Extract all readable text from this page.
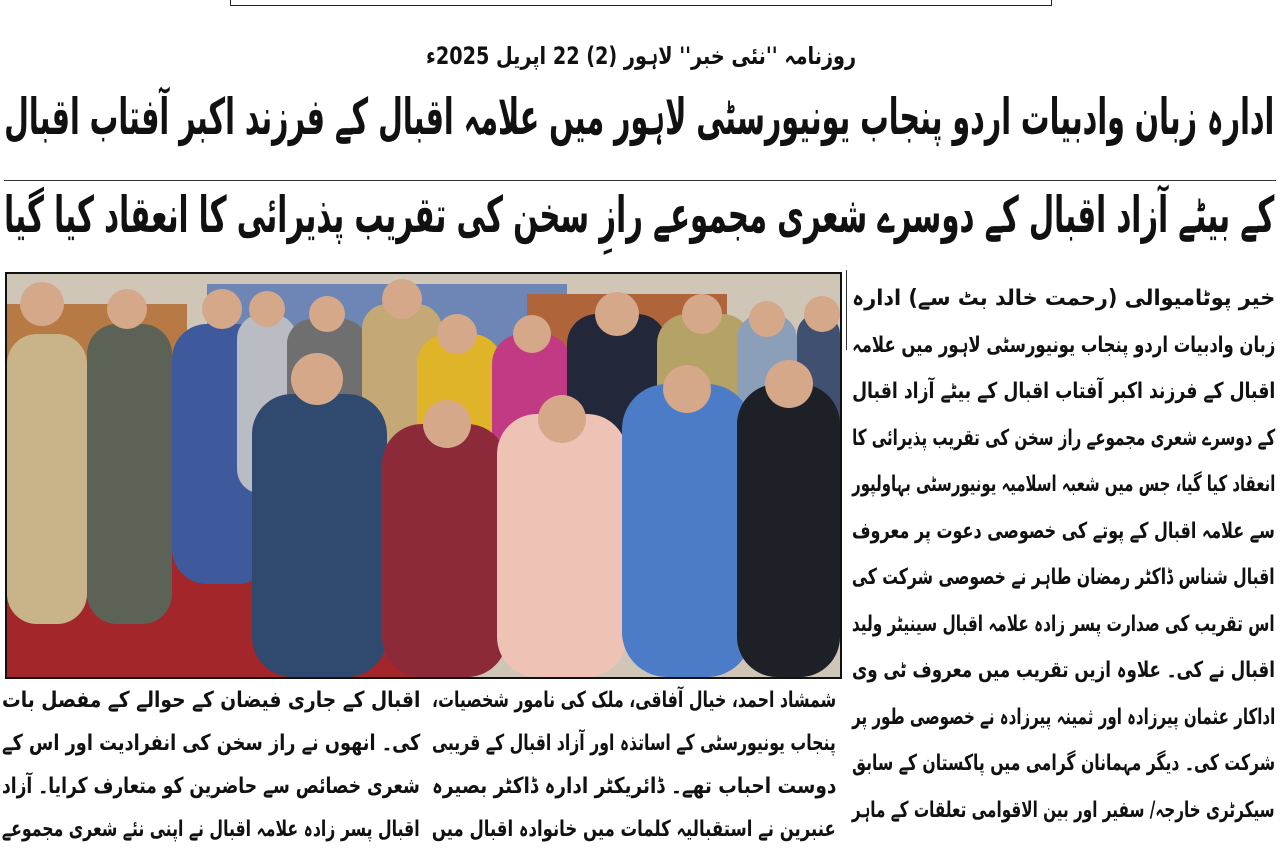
روزنامہ ''نئی خبر'' لاہور (2) 22 اپریل 2025ء
ادارہ زبان وادبیات اردو پنجاب یونیورسٹی لاہور میں علامہ اقبال کے فرزند اکبر آفتاب اقبال
کے بیٹے آزاد اقبال کے دوسرے شعری مجموعے رازِ سخن کی تقریب پذیرائی کا انعقاد کیا گیا
خیر پوٹامیوالی (رحمت خالد بٹ سے) ادارہ
زبان وادبیات اردو پنجاب یونیورسٹی لاہور میں علامہ
اقبال کے فرزند اکبر آفتاب اقبال کے بیٹے آزاد اقبال
کے دوسرے شعری مجموعے راز سخن کی تقریب پذیرائی کا
انعقاد کیا گیا، جس میں شعبہ اسلامیہ یونیورسٹی بہاولپور
سے علامہ اقبال کے پوتے کی خصوصی دعوت پر معروف
اقبال شناس ڈاکٹر رمضان طاہر نے خصوصی شرکت کی
اس تقریب کی صدارت پسر زادہ علامہ اقبال سینیٹر ولید
اقبال نے کی۔ علاوہ ازیں تقریب میں معروف ٹی وی
اداکار عثمان پیرزادہ اور ثمینہ پیرزادہ نے خصوصی طور پر
شرکت کی۔ دیگر مہمانان گرامی میں پاکستان کے سابق
سیکرٹری خارجہ/ سفیر اور بین الاقوامی تعلقات کے ماہر
شمشاد احمد، خیال آفاقی، ملک کی نامور شخصیات،
پنجاب یونیورسٹی کے اساتذہ اور آزاد اقبال کے قریبی
دوست احباب تھے۔ ڈائریکٹر ادارہ ڈاکٹر بصیرہ
عنبرین نے استقبالیہ کلمات میں خانوادہ اقبال میں
اقبال کے جاری فیضان کے حوالے کے مفصل بات
کی۔ انھوں نے راز سخن کی انفرادیت اور اس کے
شعری خصائص سے حاضرین کو متعارف کرایا۔ آزاد
اقبال پسر زادہ علامہ اقبال نے اپنی نئے شعری مجموعے
